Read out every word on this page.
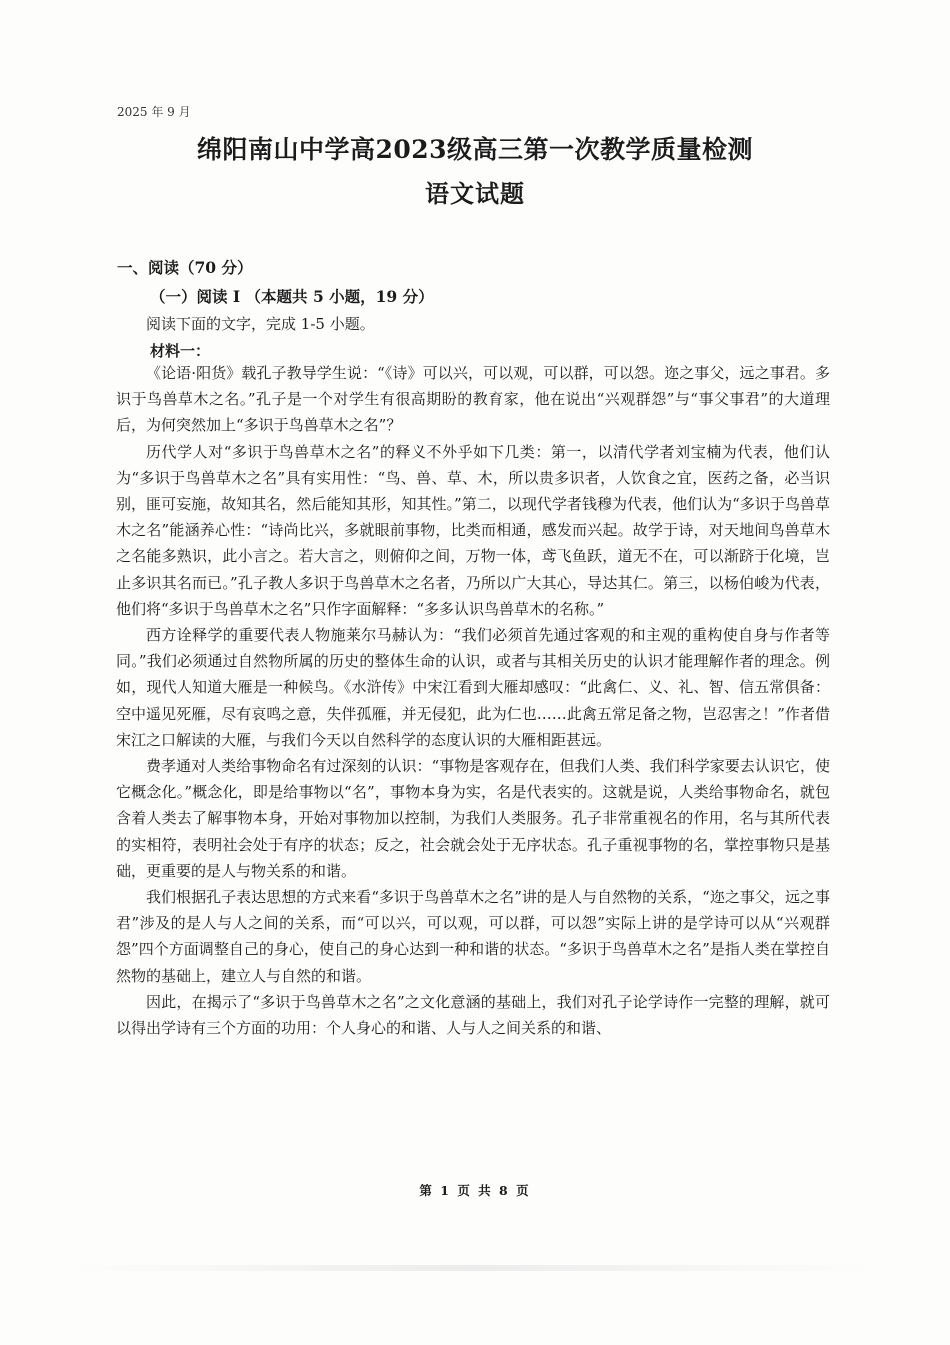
2025 年 9 月
绵阳南山中学高2023级高三第一次教学质量检测
语文试题
一、阅读（70 分）
（一）阅读 I （本题共 5 小题，19 分）
阅读下面的文字，完成 1-5 小题。
材料一：

《论语·阳货》载孔子教导学生说：“《诗》可以兴，可以观，可以群，可以怨。迩之事父，远之事君。多识于鸟兽草木之名。”孔子是一个对学生有很高期盼的教育家，他在说出“兴观群怨”与“事父事君”的大道理后，为何突然加上“多识于鸟兽草木之名”？

历代学人对“多识于鸟兽草木之名”的释义不外乎如下几类：第一，以清代学者刘宝楠为代表，他们认为“多识于鸟兽草木之名”具有实用性：“鸟、兽、草、木，所以贵多识者，人饮食之宜，医药之备，必当识别，匪可妄施，故知其名，然后能知其形，知其性。”第二，以现代学者钱穆为代表，他们认为“多识于鸟兽草木之名”能涵养心性：“诗尚比兴，多就眼前事物，比类而相通，感发而兴起。故学于诗，对天地间鸟兽草木之名能多熟识，此小言之。若大言之，则俯仰之间，万物一体，鸢飞鱼跃，道无不在，可以渐跻于化境，岂止多识其名而已。”孔子教人多识于鸟兽草木之名者，乃所以广大其心，导达其仁。第三，以杨伯峻为代表，他们将“多识于鸟兽草木之名”只作字面解释：“多多认识鸟兽草木的名称。”

西方诠释学的重要代表人物施莱尔马赫认为：“我们必须首先通过客观的和主观的重构使自身与作者等同。”我们必须通过自然物所属的历史的整体生命的认识，或者与其相关历史的认识才能理解作者的理念。例如，现代人知道大雁是一种候鸟。《水浒传》中宋江看到大雁却感叹：“此禽仁、义、礼、智、信五常俱备：空中遥见死雁，尽有哀鸣之意，失伴孤雁，并无侵犯，此为仁也……此禽五常足备之物，岂忍害之！”作者借宋江之口解读的大雁，与我们今天以自然科学的态度认识的大雁相距甚远。

费孝通对人类给事物命名有过深刻的认识：“事物是客观存在，但我们人类、我们科学家要去认识它，使它概念化。”概念化，即是给事物以“名”，事物本身为实，名是代表实的。这就是说，人类给事物命名，就包含着人类去了解事物本身，开始对事物加以控制，为我们人类服务。孔子非常重视名的作用，名与其所代表的实相符，表明社会处于有序的状态；反之，社会就会处于无序状态。孔子重视事物的名，掌控事物只是基础，更重要的是人与物关系的和谐。

我们根据孔子表达思想的方式来看“多识于鸟兽草木之名”讲的是人与自然物的关系，“迩之事父，远之事君”涉及的是人与人之间的关系，而“可以兴，可以观，可以群，可以怨”实际上讲的是学诗可以从“兴观群怨”四个方面调整自己的身心，使自己的身心达到一种和谐的状态。“多识于鸟兽草木之名”是指人类在掌控自然物的基础上，建立人与自然的和谐。

因此，在揭示了“多识于鸟兽草木之名”之文化意涵的基础上，我们对孔子论学诗作一完整的理解，就可以得出学诗有三个方面的功用：个人身心的和谐、人与人之间关系的和谐、

第 1 页 共 8 页
